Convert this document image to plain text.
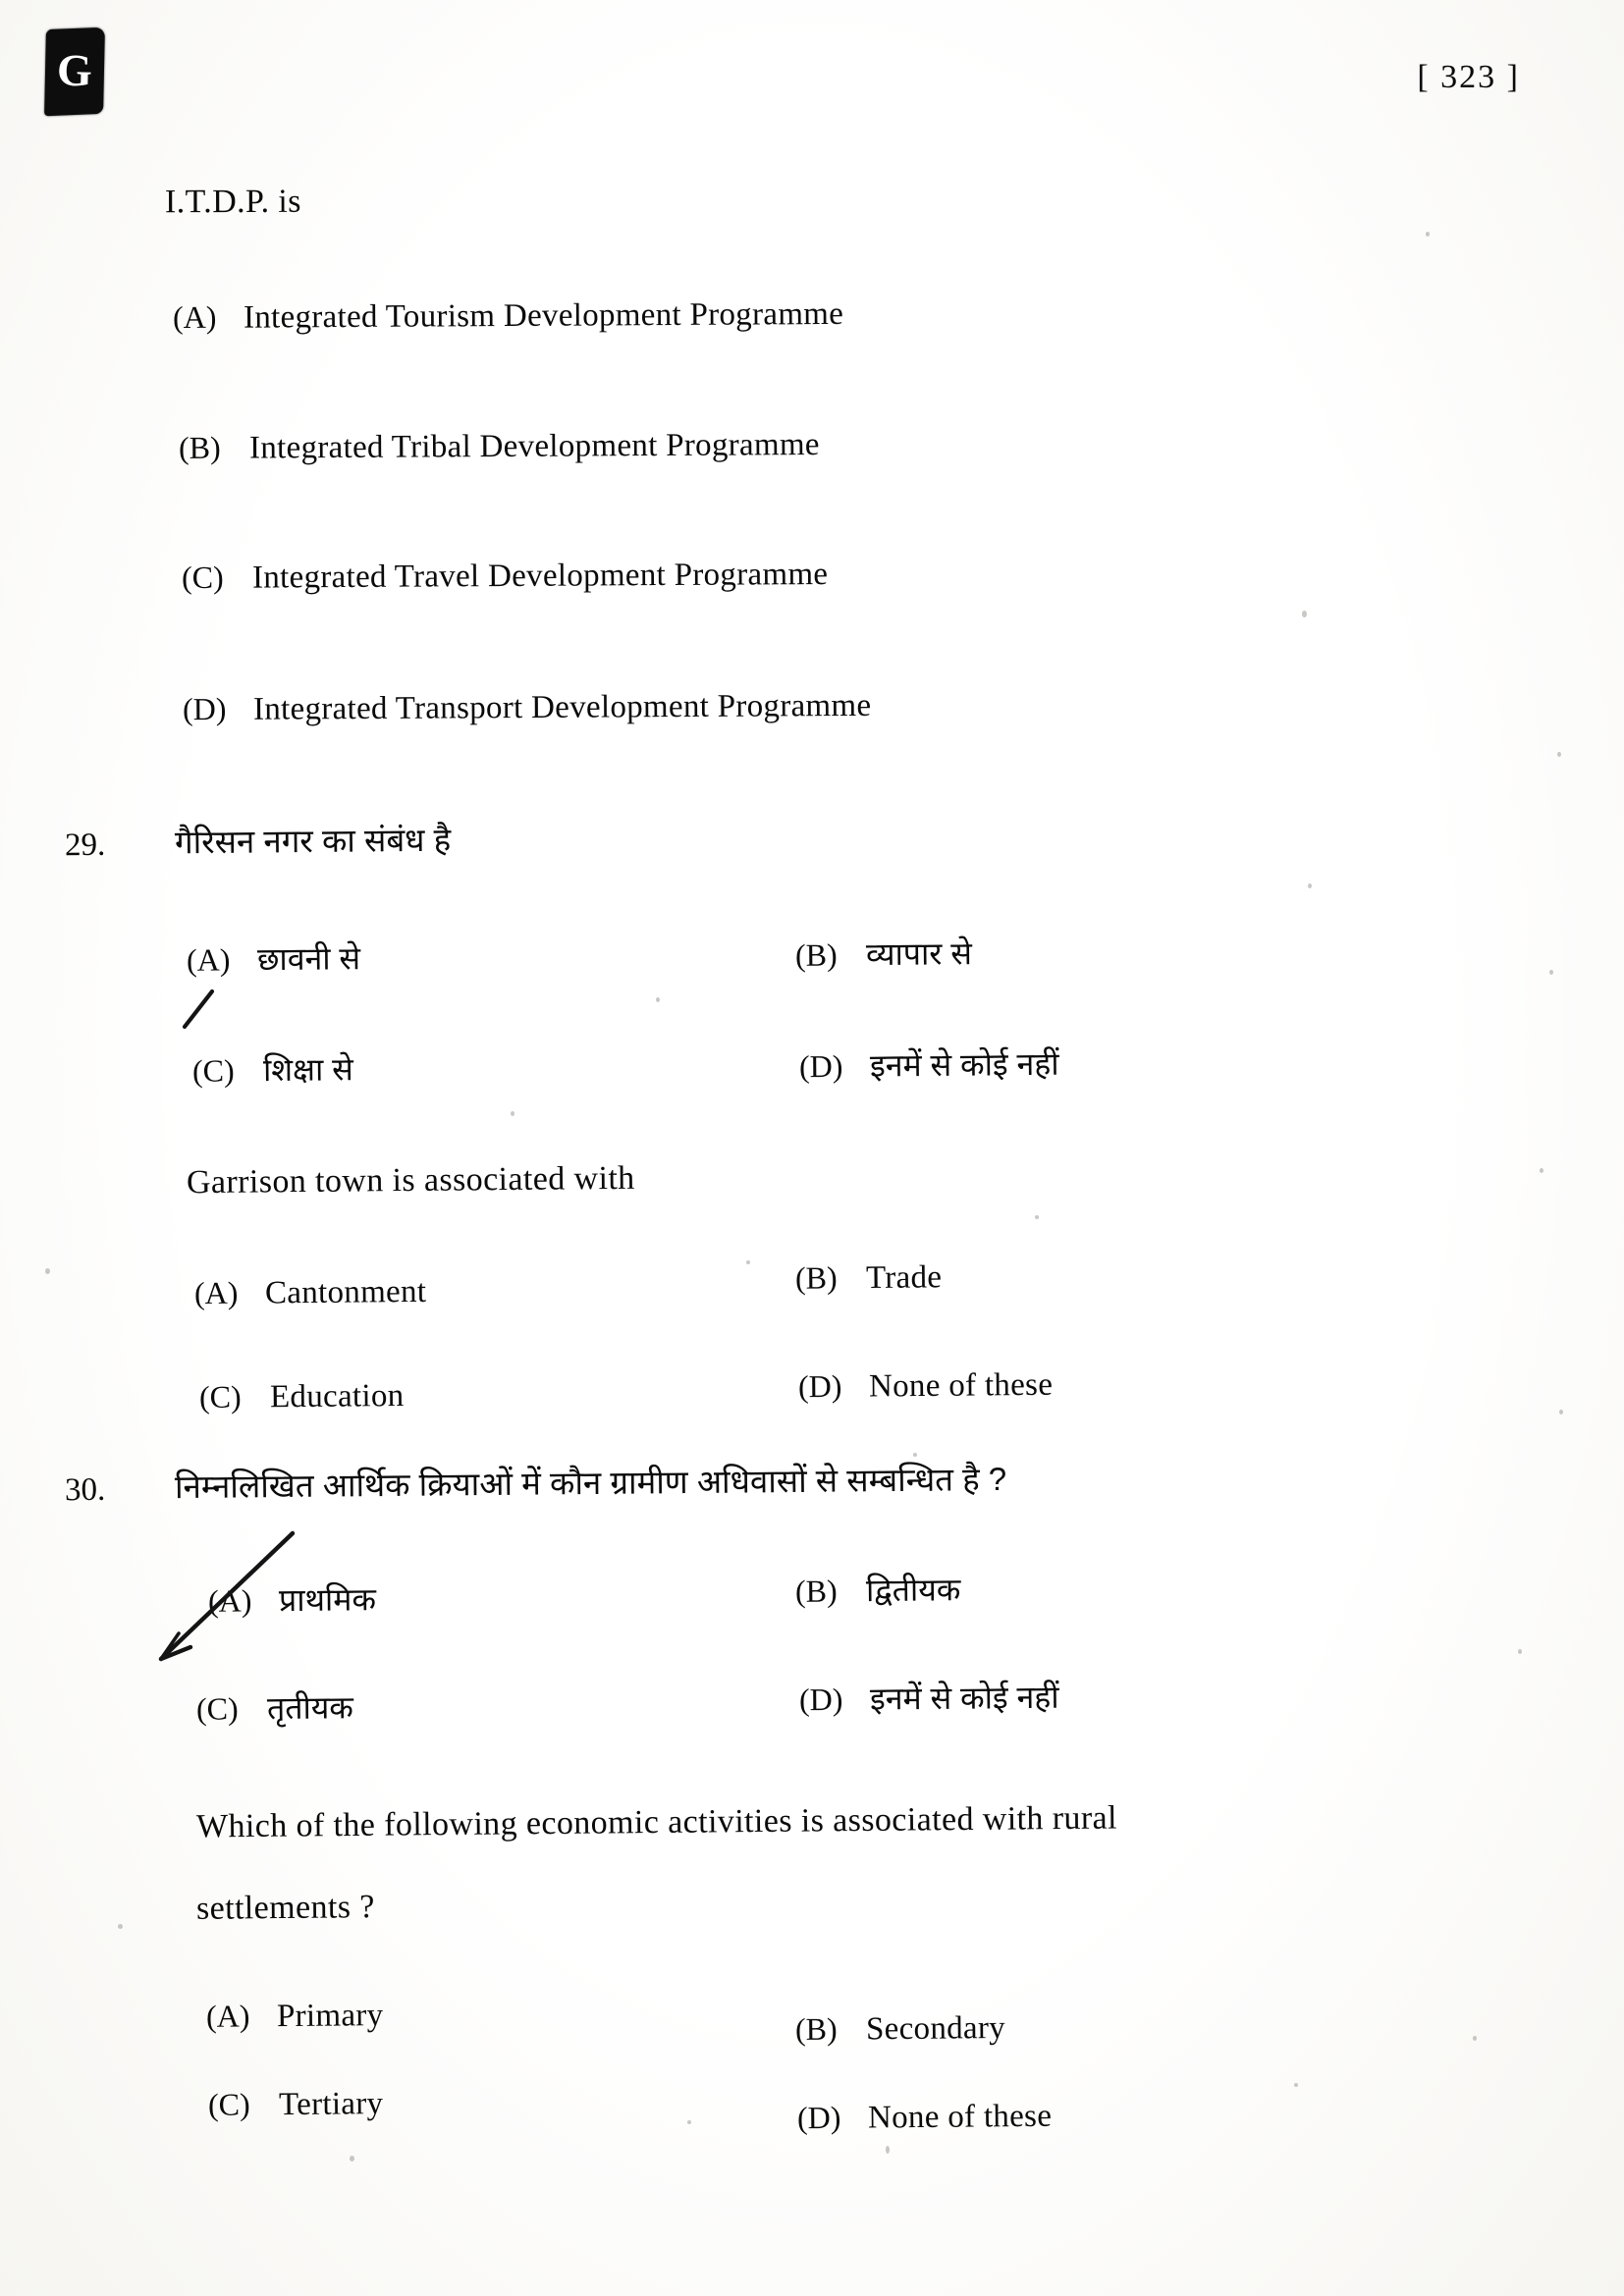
G	[ 323 ]
I.T.D.P. is
(A) Integrated Tourism Development Programme
(B) Integrated Tribal Development Programme
(C) Integrated Travel Development Programme
(D) Integrated Transport Development Programme
29. गैरिसन नगर का संबंध है
(A) छावनी से	(B) व्यापार से
(C) शिक्षा से	(D) इनमें से कोई नहीं
Garrison town is associated with
(A) Cantonment	(B) Trade
(C) Education	(D) None of these
30. निम्नलिखित आर्थिक क्रियाओं में कौन ग्रामीण अधिवासों से सम्बन्धित है ?
(A) प्राथमिक	(B) द्वितीयक
(C) तृतीयक	(D) इनमें से कोई नहीं
Which of the following economic activities is associated with rural
settlements ?
(A) Primary	(B) Secondary
(C) Tertiary	(D) None of these
